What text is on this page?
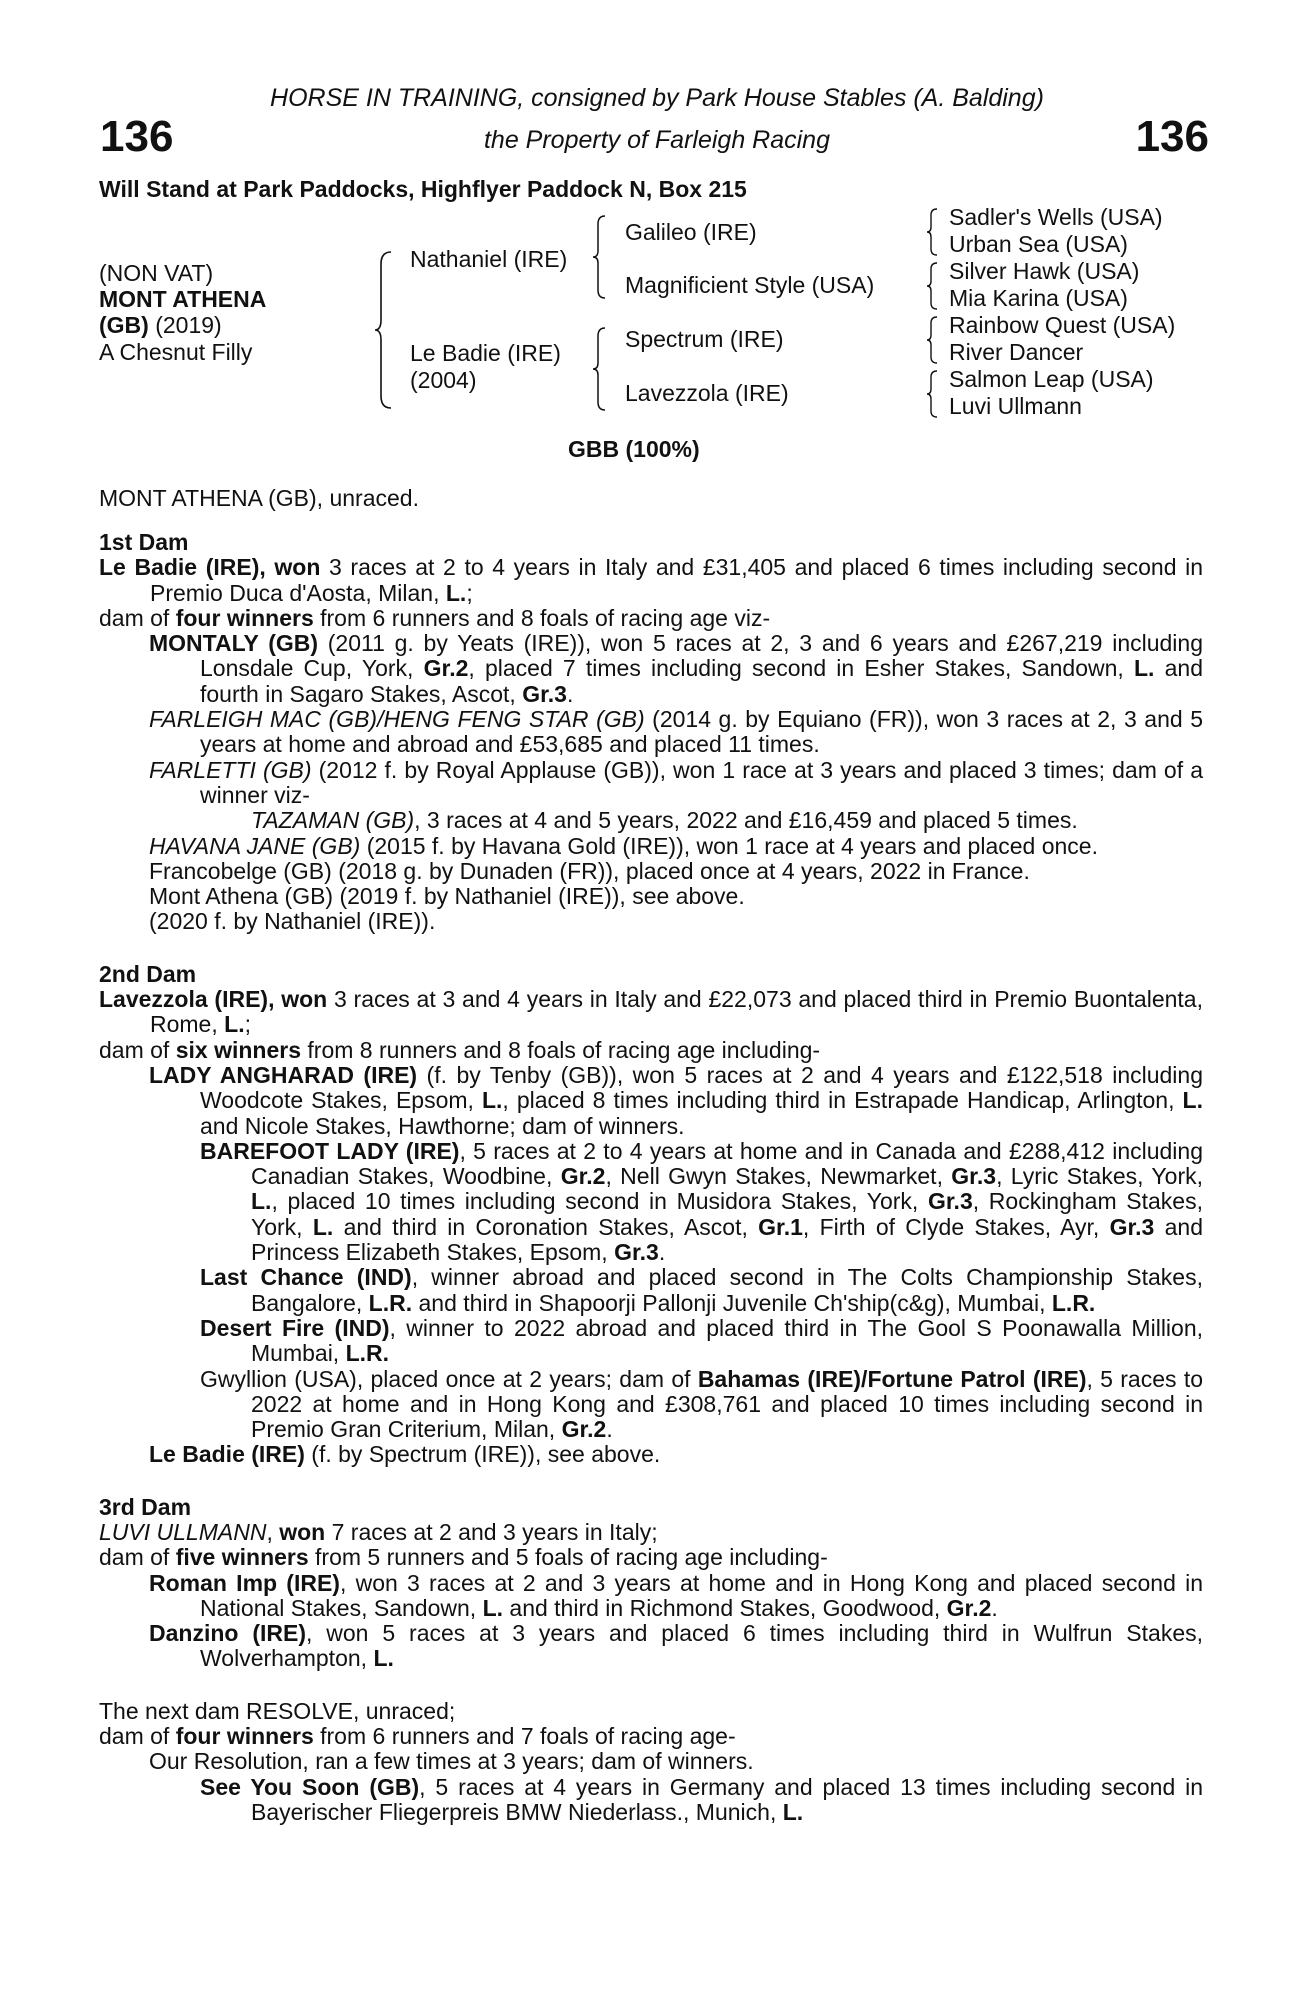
136	136
HORSE IN TRAINING, consigned by Park House Stables (A. Balding)
the Property of Farleigh Racing
Will Stand at Park Paddocks, Highflyer Paddock N, Box 215
(NON VAT)
MONT ATHENA
(GB) (2019)
A Chesnut Filly
Nathaniel (IRE)
Le Badie (IRE)
(2004)
Galileo (IRE)
Magnificient Style (USA)
Spectrum (IRE)
Lavezzola (IRE)
Sadler's Wells (USA)
Urban Sea (USA)
Silver Hawk (USA)
Mia Karina (USA)
Rainbow Quest (USA)
River Dancer
Salmon Leap (USA)
Luvi Ullmann
GBB (100%)
MONT ATHENA (GB), unraced.

1st Dam

Le Badie (IRE), won 3 races at 2 to 4 years in Italy and £31,405 and placed 6 times including second in Premio Duca d'Aosta, Milan, L.;

dam of four winners from 6 runners and 8 foals of racing age viz-

MONTALY (GB) (2011 g. by Yeats (IRE)), won 5 races at 2, 3 and 6 years and £267,219 including Lonsdale Cup, York, Gr.2, placed 7 times including second in Esher Stakes, Sandown, L. and fourth in Sagaro Stakes, Ascot, Gr.3.

FARLEIGH MAC (GB)/HENG FENG STAR (GB) (2014 g. by Equiano (FR)), won 3 races at 2, 3 and 5 years at home and abroad and £53,685 and placed 11 times.

FARLETTI (GB) (2012 f. by Royal Applause (GB)), won 1 race at 3 years and placed 3 times; dam of a winner viz-

TAZAMAN (GB), 3 races at 4 and 5 years, 2022 and £16,459 and placed 5 times.

HAVANA JANE (GB) (2015 f. by Havana Gold (IRE)), won 1 race at 4 years and placed once.

Francobelge (GB) (2018 g. by Dunaden (FR)), placed once at 4 years, 2022 in France.

Mont Athena (GB) (2019 f. by Nathaniel (IRE)), see above.

(2020 f. by Nathaniel (IRE)).

2nd Dam

Lavezzola (IRE), won 3 races at 3 and 4 years in Italy and £22,073 and placed third in Premio Buontalenta, Rome, L.;

dam of six winners from 8 runners and 8 foals of racing age including-

LADY ANGHARAD (IRE) (f. by Tenby (GB)), won 5 races at 2 and 4 years and £122,518 including Woodcote Stakes, Epsom, L., placed 8 times including third in Estrapade Handicap, Arlington, L. and Nicole Stakes, Hawthorne; dam of winners.

BAREFOOT LADY (IRE), 5 races at 2 to 4 years at home and in Canada and £288,412 including Canadian Stakes, Woodbine, Gr.2, Nell Gwyn Stakes, Newmarket, Gr.3, Lyric Stakes, York, L., placed 10 times including second in Musidora Stakes, York, Gr.3, Rockingham Stakes, York, L. and third in Coronation Stakes, Ascot, Gr.1, Firth of Clyde Stakes, Ayr, Gr.3 and Princess Elizabeth Stakes, Epsom, Gr.3.

Last Chance (IND), winner abroad and placed second in The Colts Championship Stakes, Bangalore, L.R. and third in Shapoorji Pallonji Juvenile Ch'ship(c&g), Mumbai, L.R.

Desert Fire (IND), winner to 2022 abroad and placed third in The Gool S Poonawalla Million, Mumbai, L.R.

Gwyllion (USA), placed once at 2 years; dam of Bahamas (IRE)/Fortune Patrol (IRE), 5 races to 2022 at home and in Hong Kong and £308,761 and placed 10 times including second in Premio Gran Criterium, Milan, Gr.2.

Le Badie (IRE) (f. by Spectrum (IRE)), see above.

3rd Dam

LUVI ULLMANN, won 7 races at 2 and 3 years in Italy;

dam of five winners from 5 runners and 5 foals of racing age including-

Roman Imp (IRE), won 3 races at 2 and 3 years at home and in Hong Kong and placed second in National Stakes, Sandown, L. and third in Richmond Stakes, Goodwood, Gr.2.

Danzino (IRE), won 5 races at 3 years and placed 6 times including third in Wulfrun Stakes, Wolverhampton, L.

The next dam RESOLVE, unraced;

dam of four winners from 6 runners and 7 foals of racing age-

Our Resolution, ran a few times at 3 years; dam of winners.

See You Soon (GB), 5 races at 4 years in Germany and placed 13 times including second in Bayerischer Fliegerpreis BMW Niederlass., Munich, L.
